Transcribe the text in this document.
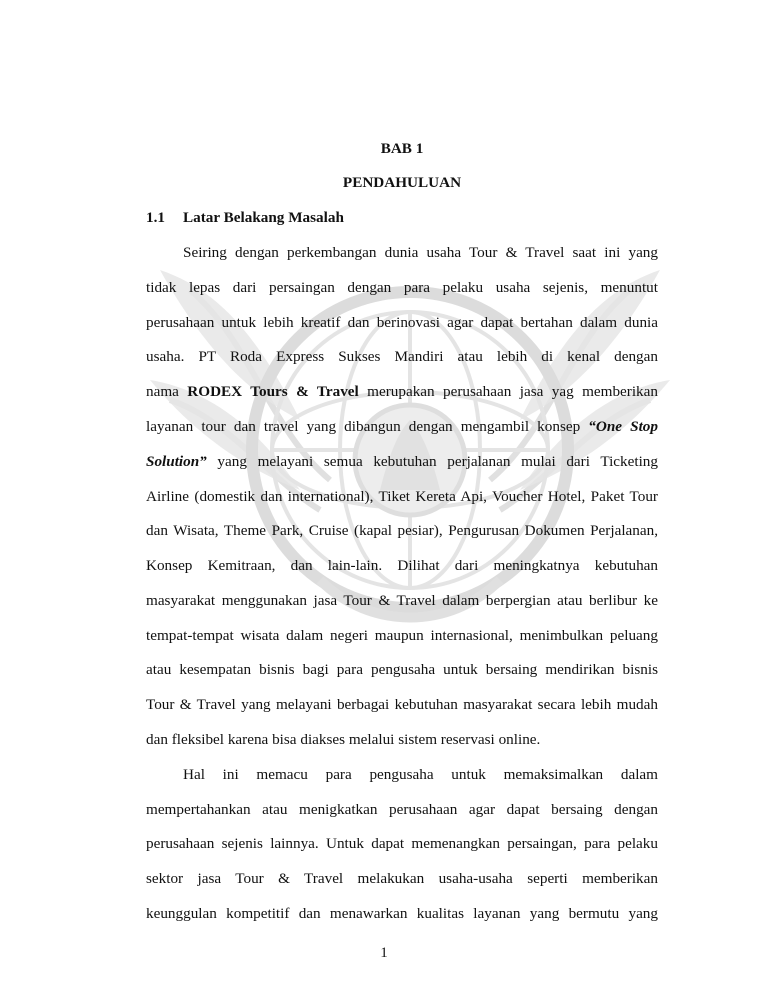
BAB 1
PENDAHULUAN
1.1 Latar Belakang Masalah
Seiring dengan perkembangan dunia usaha Tour & Travel saat ini yang
tidak lepas dari persaingan dengan para pelaku usaha sejenis, menuntut
perusahaan untuk lebih kreatif dan berinovasi agar dapat bertahan dalam dunia
usaha. PT Roda Express Sukses Mandiri atau lebih di kenal dengan
nama RODEX Tours & Travel merupakan perusahaan jasa yag memberikan
layanan tour dan travel yang dibangun dengan mengambil konsep “One Stop
Solution” yang melayani semua kebutuhan perjalanan mulai dari Ticketing
Airline (domestik dan international), Tiket Kereta Api, Voucher Hotel, Paket Tour
dan Wisata, Theme Park, Cruise (kapal pesiar), Pengurusan Dokumen Perjalanan,
Konsep Kemitraan, dan lain-lain. Dilihat dari meningkatnya kebutuhan
masyarakat menggunakan jasa Tour & Travel dalam berpergian atau berlibur ke
tempat-tempat wisata dalam negeri maupun internasional, menimbulkan peluang
atau kesempatan bisnis bagi para pengusaha untuk bersaing mendirikan bisnis
Tour & Travel yang melayani berbagai kebutuhan masyarakat secara lebih mudah
dan fleksibel karena bisa diakses melalui sistem reservasi online.
Hal ini memacu para pengusaha untuk memaksimalkan dalam
mempertahankan atau menigkatkan perusahaan agar dapat bersaing dengan
perusahaan sejenis lainnya. Untuk dapat memenangkan persaingan, para pelaku
sektor jasa Tour & Travel melakukan usaha-usaha seperti memberikan
keunggulan kompetitif dan menawarkan kualitas layanan yang bermutu yang
1
